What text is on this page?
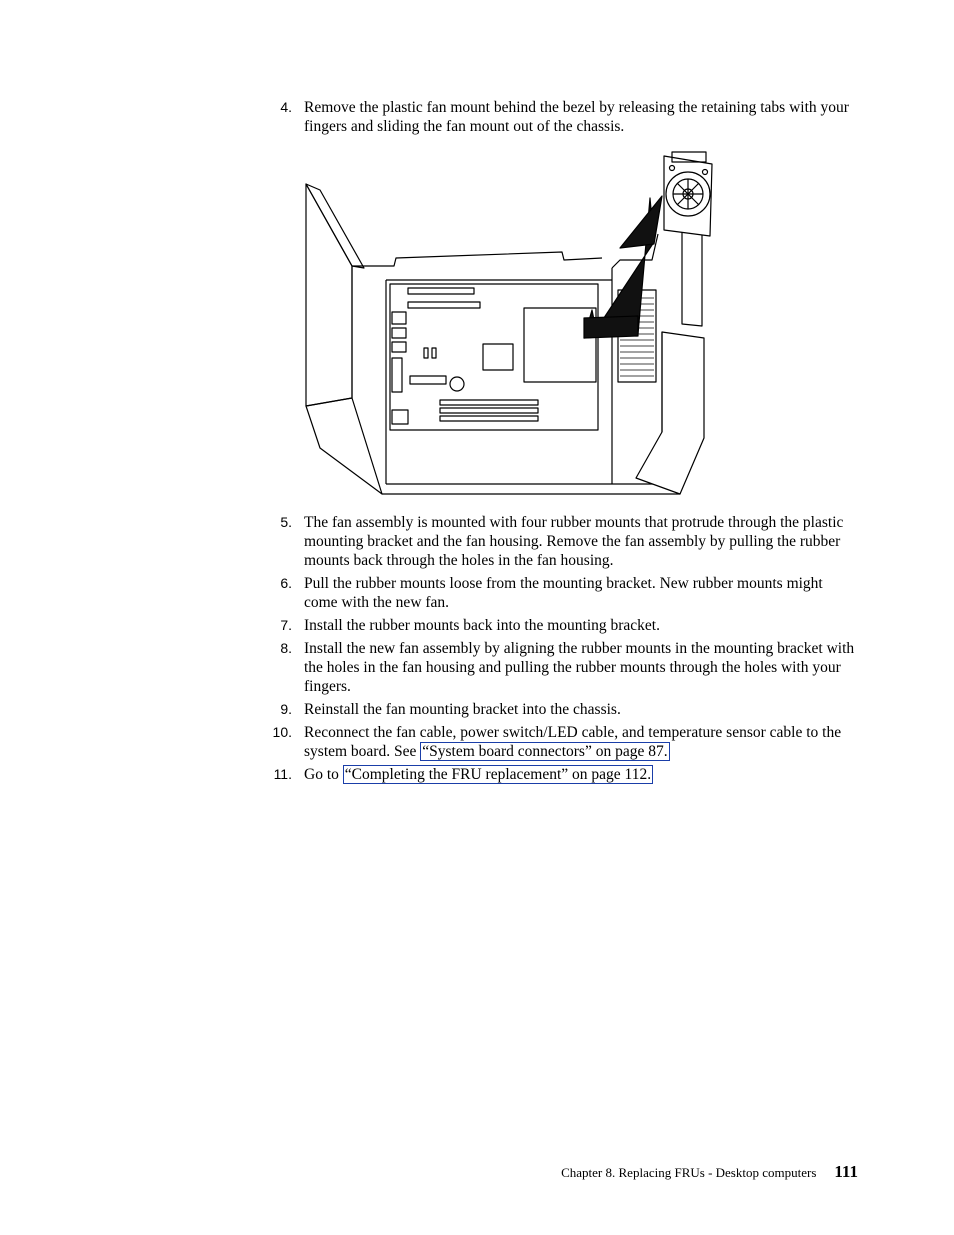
4. Remove the plastic fan mount behind the bezel by releasing the retaining tabs with your fingers and sliding the fan mount out of the chassis.
5. The fan assembly is mounted with four rubber mounts that protrude through the plastic mounting bracket and the fan housing. Remove the fan assembly by pulling the rubber mounts back through the holes in the fan housing.
6. Pull the rubber mounts loose from the mounting bracket. New rubber mounts might come with the new fan.
7. Install the rubber mounts back into the mounting bracket.
8. Install the new fan assembly by aligning the rubber mounts in the mounting bracket with the holes in the fan housing and pulling the rubber mounts through the holes with your fingers.
9. Reinstall the fan mounting bracket into the chassis.
10. Reconnect the fan cable, power switch/LED cable, and temperature sensor cable to the system board. See “System board connectors” on page 87.
11. Go to “Completing the FRU replacement” on page 112.
Chapter 8. Replacing FRUs - Desktop computers 111
